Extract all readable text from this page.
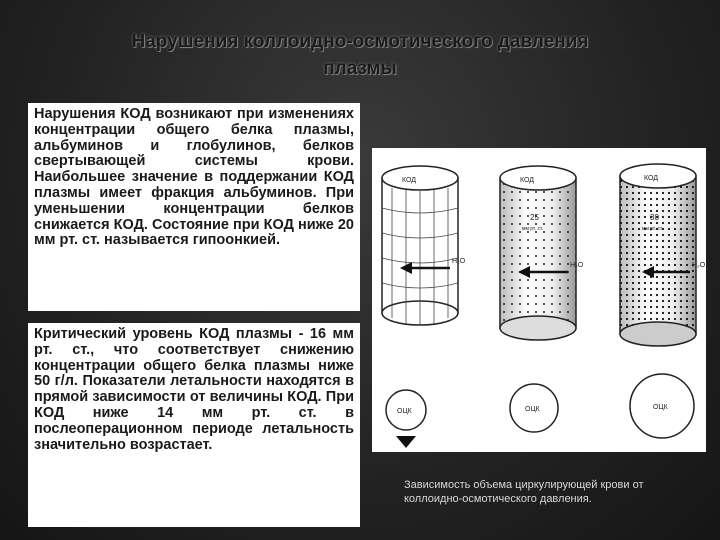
Нарушения коллоидно-осмотического давления
плазмы

Нарушения КОД возникают при изменениях концентрации общего белка плазмы, альбуминов и глобулинов, белков свертывающей системы крови. Наибольшее значение в поддержании КОД плазмы имеет фракция альбуминов. При уменьшении концентрации белков снижается КОД. Состояние при КОД ниже 20 мм рт. ст. называется гипоонкией.

Критический уровень КОД плазмы - 16 мм рт. ст., что соответствует снижению концентрации общего белка плазмы ниже 50 г/л. Показатели летальности находятся в прямой зависимости от величины КОД. При КОД ниже 14 мм рт. ст. в послеоперационном периоде летальность значительно возрастает.

КОД
H₂O
КОД
25
мм рт. ст.
H₂O
КОД
30
мм рт. ст.
H₂O
ОЦК	ОЦК	ОЦК
Зависимость объема циркулирующей крови от коллоидно-осмотического давления.
